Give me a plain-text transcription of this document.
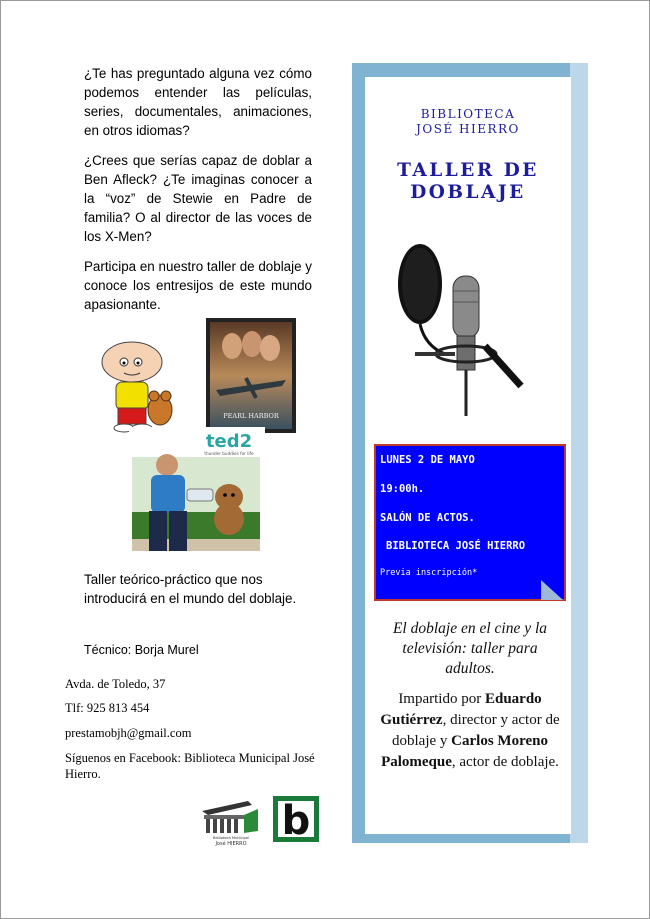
¿Te has preguntado alguna vez cómo podemos entender las películas, series, documentales, animaciones, en otros idiomas?

¿Crees que serías capaz de doblar a Ben Afleck? ¿Te imaginas conocer a la “voz” de Stewie en Padre de familia? O al director de las voces de los X-Men?

Participa en nuestro taller de doblaje y conoce los entresijos de este mundo apasionante.

PEARL HARBOR
ted2
thunder buddies for life
Taller teórico-práctico que nos introducirá en el mundo del doblaje.
Técnico: Borja Murel
Avda. de Toledo, 37
Tlf: 925 813 454
prestamobjh@gmail.com
Síguenos en Facebook: Biblioteca Municipal José Hierro.
Biblioteca Municipal
José HIERRO b
BIBLIOTECA
JOSÉ HIERRO
TALLER DE
DOBLAJE
LUNES 2 DE MAYO
19:00h.
SALÓN DE ACTOS.
BIBLIOTECA JOSÉ HIERRO
Previa inscripción*
El doblaje en el cine y la televisión: taller para adultos.
Impartido por Eduardo Gutiérrez, director y actor de doblaje y Carlos Moreno Palomeque, actor de doblaje.
